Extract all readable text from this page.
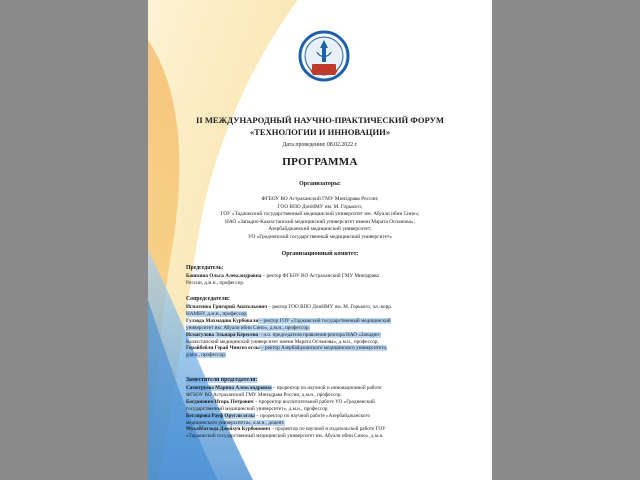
II МЕЖДУНАРОДНЫЙ НАУЧНО-ПРАКТИЧЕСКИЙ ФОРУМ
«ТЕХНОЛОГИИ И ИННОВАЦИИ»
Дата проведения: 08.02.2022 г.
ПРОГРАММА
Организаторы:
ФГБОУ ВО Астраханский ГМУ Минздрава России;
ГОО ВПО ДонНМУ им. М. Горького;
ГОУ «Таджикский государственный медицинский университет им. Абуали ибни Сино»;
НАО «Западно-Казахстанский медицинский университет имени Марата Оспанова»;
Азербайджанский медицинский университет;
УО «Гродненский государственный медицинский университет»
Организационный комитет:
Председатель:
Башкина Ольга Александровна – ректор ФГБОУ ВО Астраханский ГМУ Минздрава
России, д.м.н., профессор.
Сопредседатели:
Игнатенко Григорий Анатольевич – ректор ГОО ВПО ДонНМУ им. М. Горького, чл.-корр.
НАМНУ, д.м.н., профессор;
Гулзода Махмадшо Курбонали – ректор ГОУ «Таджикский государственный медицинский
университет им. Абуали ибни Сино», д.м.н., профессор.
Исмагулова Эльнара Кересена – и.о. председателя правления-ректора НАО «Западно-
Казахстанский медицинский университет имени Марата Оспанова», д.м.н., профессор;
Герайбейли Герай Чингиз оглы – ректор Азербайджанского медицинского университета,
д.м.н., профессор.
Заместители председателя:
Самотруева Марина Александровна – проректор по научной и инновационной работе
ФГБОУ ВО Астраханский ГМУ Минздрава России, д.м.н., профессор.
Богданович Игорь Петрович – проректор воспитательной работе УО «Гродненский
государственный медицинский университет», д.м.н., профессор.
Беглярова Рауф Оругли оглы – проректор по научной работе «Азербайджанского
медицинского университета», к.м.н., доцент.
Мухаббатзода Джейхун Курбонович – проректор по научной и издательской работе ГОУ
«Таджикский государственный медицинский университет им. Абуали ибни Сино», д.м.н.
